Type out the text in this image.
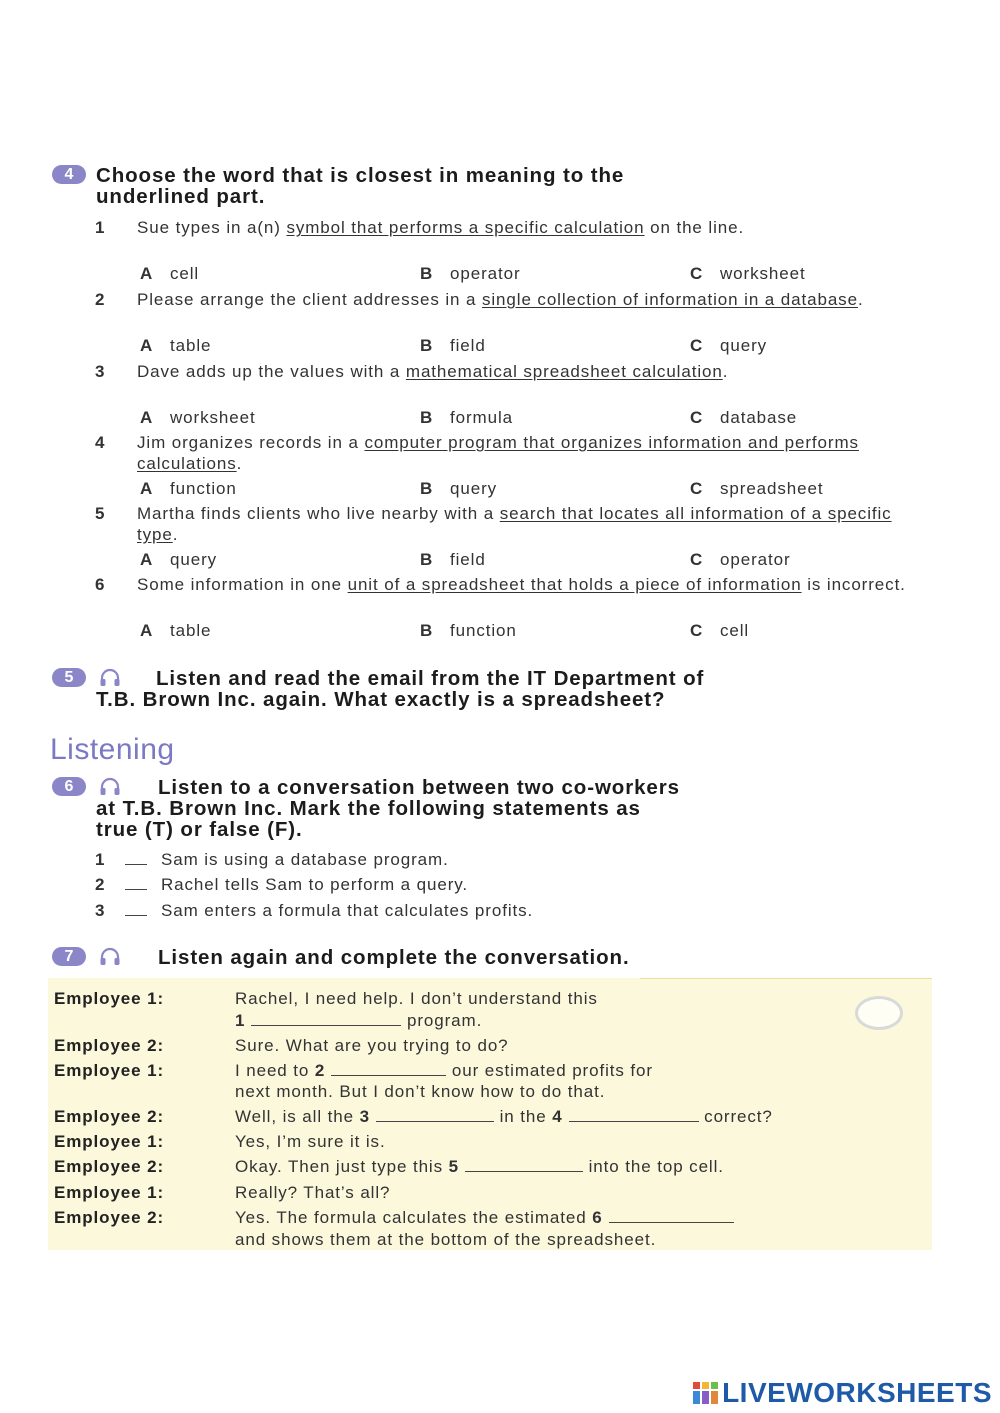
4	Choose the word that is closest in meaning to the
underlined part.
1 Sue types in a(n) symbol that performs a specific calculation on the line.
A cell	B operator	C worksheet
2 Please arrange the client addresses in a single collection of information in a database.
A table	B field	C query
3 Dave adds up the values with a mathematical spreadsheet calculation.
A worksheet	B formula	C database
4 Jim organizes records in a computer program that organizes information and performs calculations.
A function	B query	C spreadsheet
5 Martha finds clients who live nearby with a search that locates all information of a specific type.
A query	B field	C operator
6 Some information in one unit of a spreadsheet that holds a piece of information is incorrect.
A table	B function	C cell
5	Listen and read the email from the IT Department of
T.B. Brown Inc. again. What exactly is a spreadsheet?
Listening
6	Listen to a conversation between two co-workers
at T.B. Brown Inc. Mark the following statements as
true (T) or false (F).
1	Sam is using a database program.
2	Rachel tells Sam to perform a query.
3	Sam enters a formula that calculates profits.
7	Listen again and complete the conversation.
Employee 1:	Rachel, I need help. I don’t understand this
1	program.
Employee 2:	Sure. What are you trying to do?
Employee 1:	I need to 2	our estimated profits for
next month. But I don’t know how to do that.
Employee 2:	Well, is all the 3	in the 4	correct?
Employee 1:	Yes, I’m sure it is.
Employee 2:	Okay. Then just type this 5	into the top cell.
Employee 1:	Really? That’s all?
Employee 2:	Yes. The formula calculates the estimated 6
and shows them at the bottom of the spreadsheet.
LIVEWORKSHEETS
